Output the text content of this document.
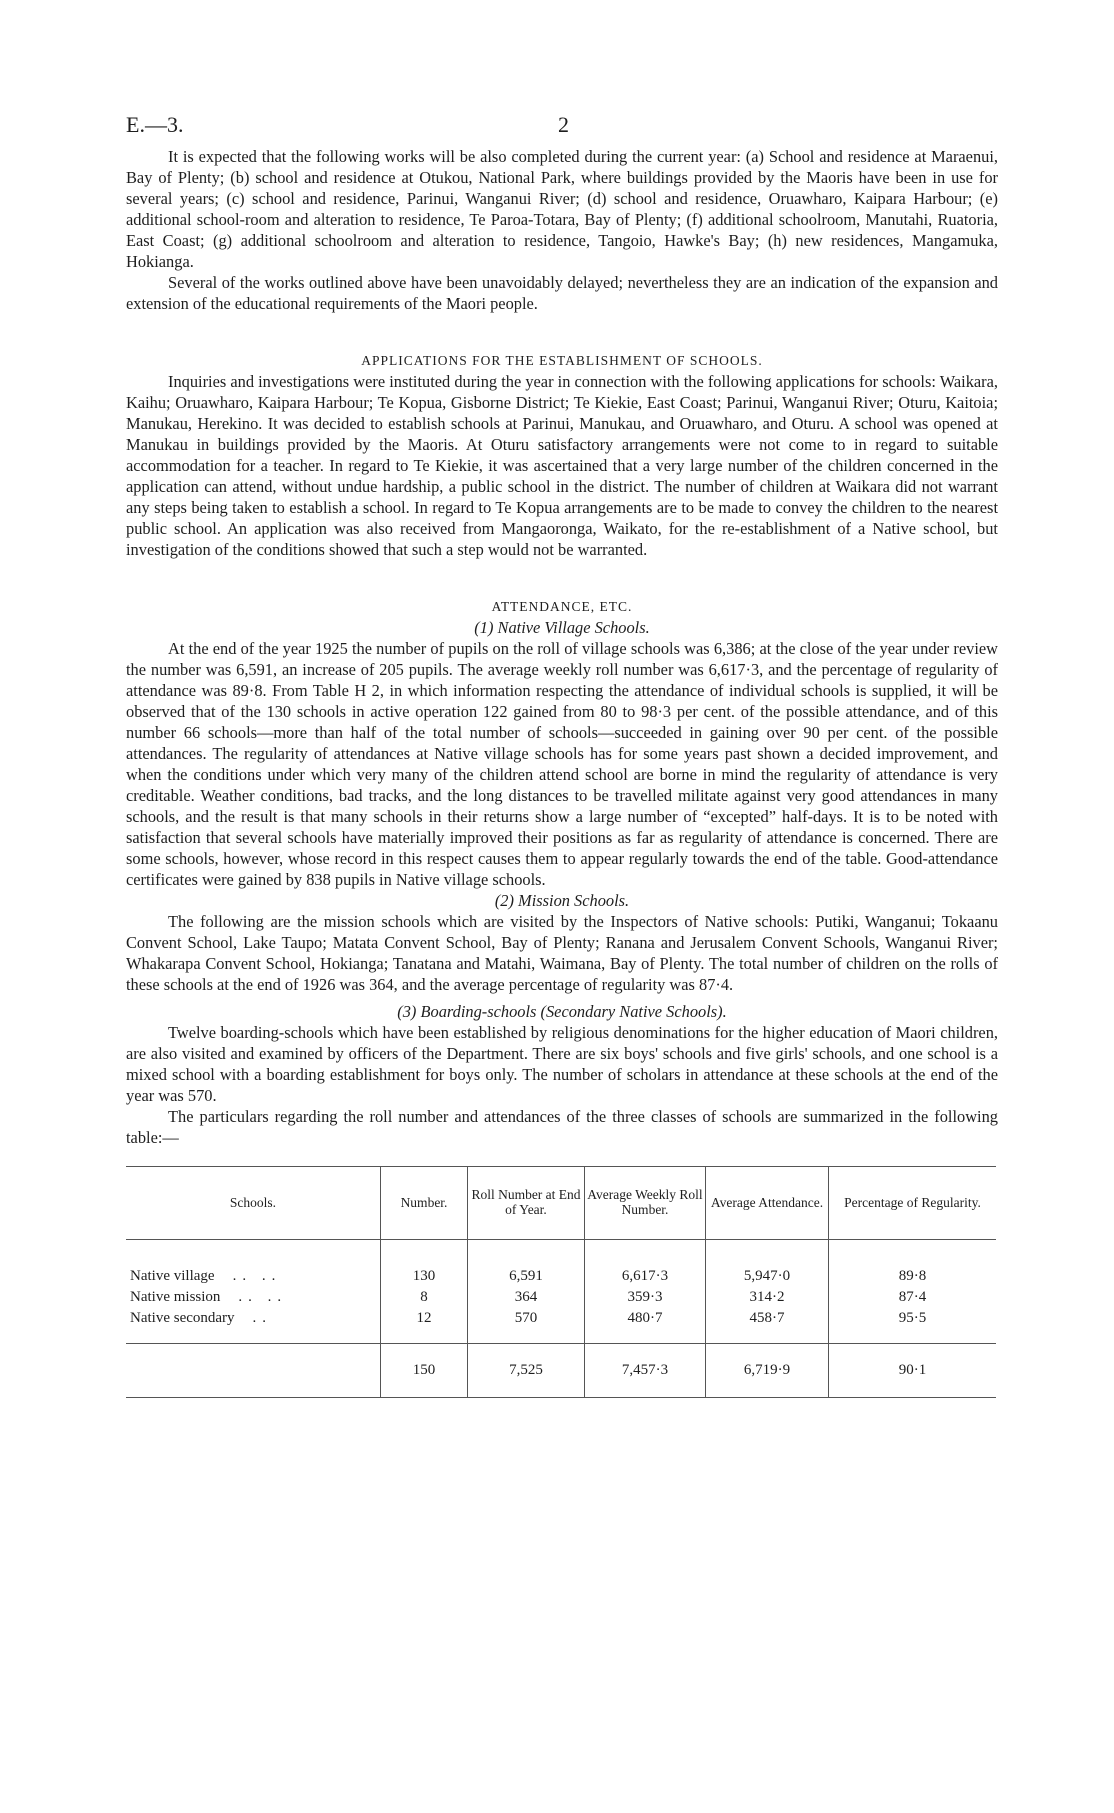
E.—3.	2

It is expected that the following works will be also completed during the current year: (a) School and residence at Maraenui, Bay of Plenty; (b) school and residence at Otukou, National Park, where buildings provided by the Maoris have been in use for several years; (c) school and residence, Parinui, Wanganui River; (d) school and residence, Oruawharo, Kaipara Harbour; (e) additional school-room and alteration to residence, Te Paroa-Totara, Bay of Plenty; (f) additional schoolroom, Manutahi, Ruatoria, East Coast; (g) additional schoolroom and alteration to residence, Tangoio, Hawke's Bay; (h) new residences, Mangamuka, Hokianga.

Several of the works outlined above have been unavoidably delayed; nevertheless they are an indication of the expansion and extension of the educational requirements of the Maori people.

APPLICATIONS FOR THE ESTABLISHMENT OF SCHOOLS.

Inquiries and investigations were instituted during the year in connection with the following applications for schools: Waikara, Kaihu; Oruawharo, Kaipara Harbour; Te Kopua, Gisborne District; Te Kiekie, East Coast; Parinui, Wanganui River; Oturu, Kaitoia; Manukau, Herekino. It was decided to establish schools at Parinui, Manukau, and Oruawharo, and Oturu. A school was opened at Manukau in buildings provided by the Maoris. At Oturu satisfactory arrangements were not come to in regard to suitable accommodation for a teacher. In regard to Te Kiekie, it was ascertained that a very large number of the children concerned in the application can attend, without undue hardship, a public school in the district. The number of children at Waikara did not warrant any steps being taken to establish a school. In regard to Te Kopua arrangements are to be made to convey the children to the nearest public school. An application was also received from Mangaoronga, Waikato, for the re-establishment of a Native school, but investigation of the conditions showed that such a step would not be warranted.

ATTENDANCE, ETC.
(1) Native Village Schools.

At the end of the year 1925 the number of pupils on the roll of village schools was 6,386; at the close of the year under review the number was 6,591, an increase of 205 pupils. The average weekly roll number was 6,617·3, and the percentage of regularity of attendance was 89·8. From Table H 2, in which information respecting the attendance of individual schools is supplied, it will be observed that of the 130 schools in active operation 122 gained from 80 to 98·3 per cent. of the possible attendance, and of this number 66 schools—more than half of the total number of schools—succeeded in gaining over 90 per cent. of the possible attendances. The regularity of attendances at Native village schools has for some years past shown a decided improvement, and when the conditions under which very many of the children attend school are borne in mind the regularity of attendance is very creditable. Weather conditions, bad tracks, and the long distances to be travelled militate against very good attendances in many schools, and the result is that many schools in their returns show a large number of “excepted” half-days. It is to be noted with satisfaction that several schools have materially improved their positions as far as regularity of attendance is concerned. There are some schools, however, whose record in this respect causes them to appear regularly towards the end of the table. Good-attendance certificates were gained by 838 pupils in Native village schools.

(2) Mission Schools.

The following are the mission schools which are visited by the Inspectors of Native schools: Putiki, Wanganui; Tokaanu Convent School, Lake Taupo; Matata Convent School, Bay of Plenty; Ranana and Jerusalem Convent Schools, Wanganui River; Whakarapa Convent School, Hokianga; Tanatana and Matahi, Waimana, Bay of Plenty. The total number of children on the rolls of these schools at the end of 1926 was 364, and the average percentage of regularity was 87·4.

(3) Boarding-schools (Secondary Native Schools).

Twelve boarding-schools which have been established by religious denominations for the higher education of Maori children, are also visited and examined by officers of the Department. There are six boys' schools and five girls' schools, and one school is a mixed school with a boarding establishment for boys only. The number of scholars in attendance at these schools at the end of the year was 570.

The particulars regarding the roll number and attendances of the three classes of schools are summarized in the following table:—

Schools.	Number.	Roll Number at End of Year.	Average Weekly Roll Number.	Average Attendance.	Percentage of Regularity.
Native village .. ..	130	6,591	6,617·3	5,947·0	89·8
Native mission .. ..	8	364	359·3	314·2	87·4
Native secondary ..	12	570	480·7	458·7	95·5
	150	7,525	7,457·3	6,719·9	90·1
